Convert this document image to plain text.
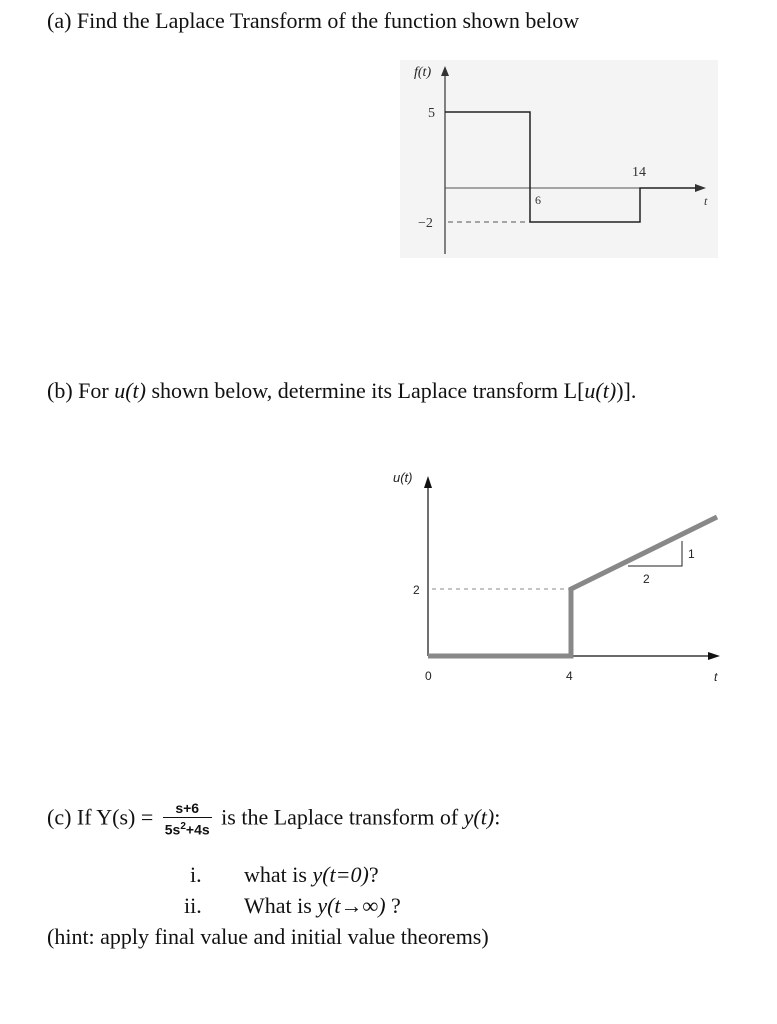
(a) Find the Laplace Transform of the function shown below
f(t)
5
−2
6
14
t
(b) For u(t) shown below, determine its Laplace transform L[u(t))].
u(t)
2
0	4
2
1
t
(c) If $Y(s) = \frac{s+6}{5s^2+4s}$ is the Laplace transform of y(t):
i. what is y(t=0)?
ii. What is y(t→∞) ?
(hint: apply final value and initial value theorems)
